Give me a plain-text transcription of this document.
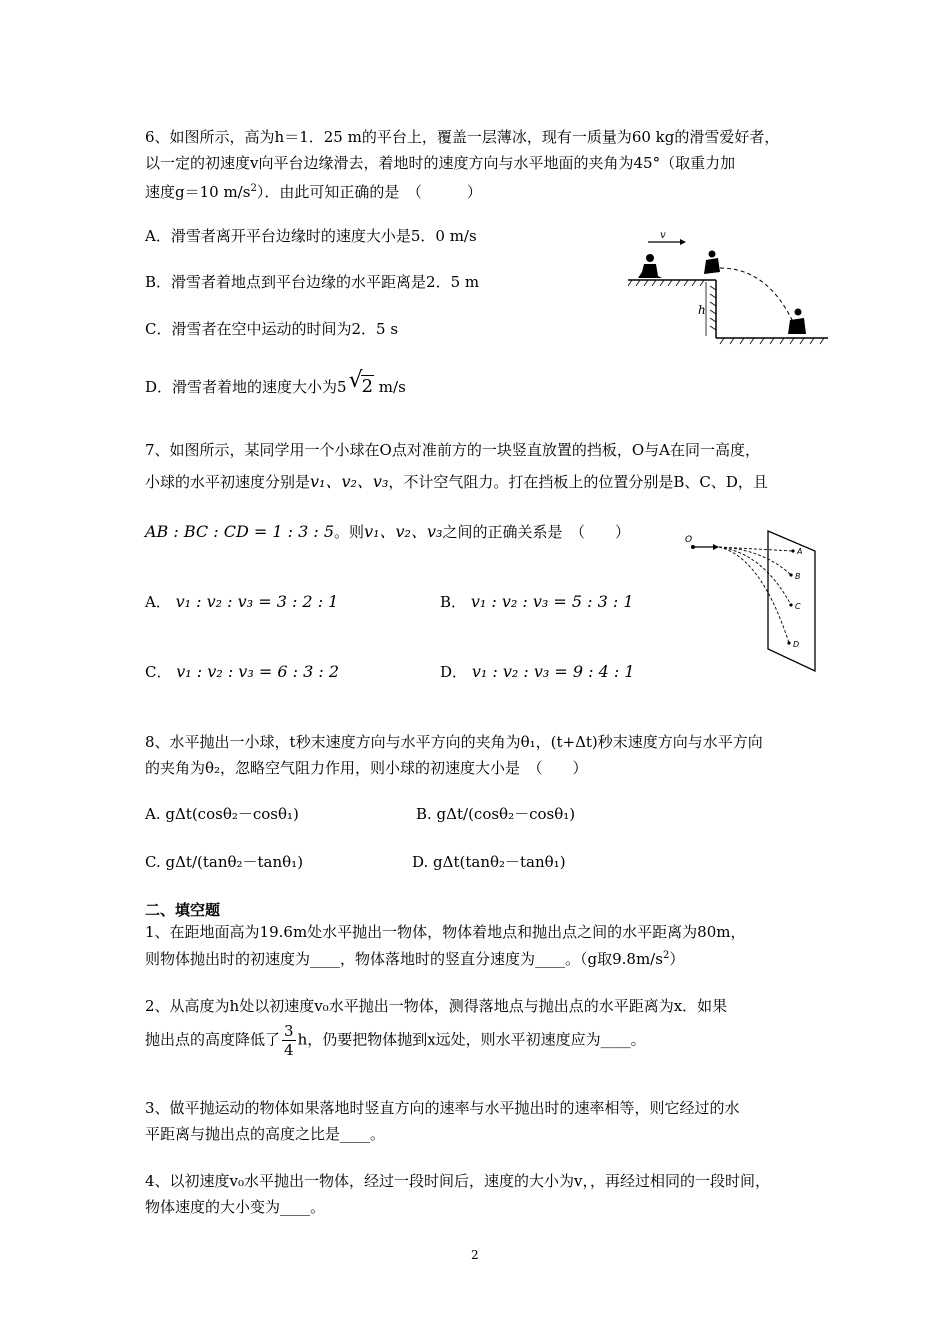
6、如图所示，高为h＝1．25 m的平台上，覆盖一层薄冰，现有一质量为60 kg的滑雪爱好者，
以一定的初速度v向平台边缘滑去，着地时的速度方向与水平地面的夹角为45°（取重力加
速度g＝10 $m/s^2$）．由此可知正确的是　（　　　）
A．滑雪者离开平台边缘时的速度大小是5．0 m/s
B．滑雪者着地点到平台边缘的水平距离是2．5 m
C．滑雪者在空中运动的时间为2．5 s
D．滑雪者着地的速度大小为5 √
2 m/s
v
h
7、如图所示，某同学用一个小球在O点对准前方的一块竖直放置的挡板，O与A在同一高度，
小球的水平初速度分别是v₁、v₂、v₃，不计空气阻力。打在挡板上的位置分别是B、C、D，且
AB : BC : CD = 1 : 3 : 5。则v₁、v₂、v₃之间的正确关系是　（　　）
A． v₁ : v₂ : v₃ = 3 : 2 : 1	B． v₁ : v₂ : v₃ = 5 : 3 : 1
C． v₁ : v₂ : v₃ = 6 : 3 : 2	D． v₁ : v₂ : v₃ = 9 : 4 : 1
O
A
B
C
D
8、水平抛出一小球，t秒末速度方向与水平方向的夹角为θ₁，(t+Δt)秒末速度方向与水平方向
的夹角为θ₂，忽略空气阻力作用，则小球的初速度大小是　（　　）
A. gΔt(cosθ₂－cosθ₁)	B. gΔt/(cosθ₂－cosθ₁)
C. gΔt/(tanθ₂－tanθ₁)	D. gΔt(tanθ₂－tanθ₁)
二、填空题
1、在距地面高为19.6m处水平抛出一物体，物体着地点和抛出点之间的水平距离为80m，
则物体抛出时的初速度为____，物体落地时的竖直分速度为____。（g取$9.8m/s^2$）
2、从高度为h处以初速度v₀水平抛出一物体，测得落地点与抛出点的水平距离为x．如果
抛出点的高度降低了 $\frac{3}{4}$ h，仍要把物体抛到x远处，则水平初速度应为____。
3、做平抛运动的物体如果落地时竖直方向的速率与水平抛出时的速率相等，则它经过的水
平距离与抛出点的高度之比是____。
4、以初速度v₀水平抛出一物体，经过一段时间后，速度的大小为v，，再经过相同的一段时间，
物体速度的大小变为____。
2
